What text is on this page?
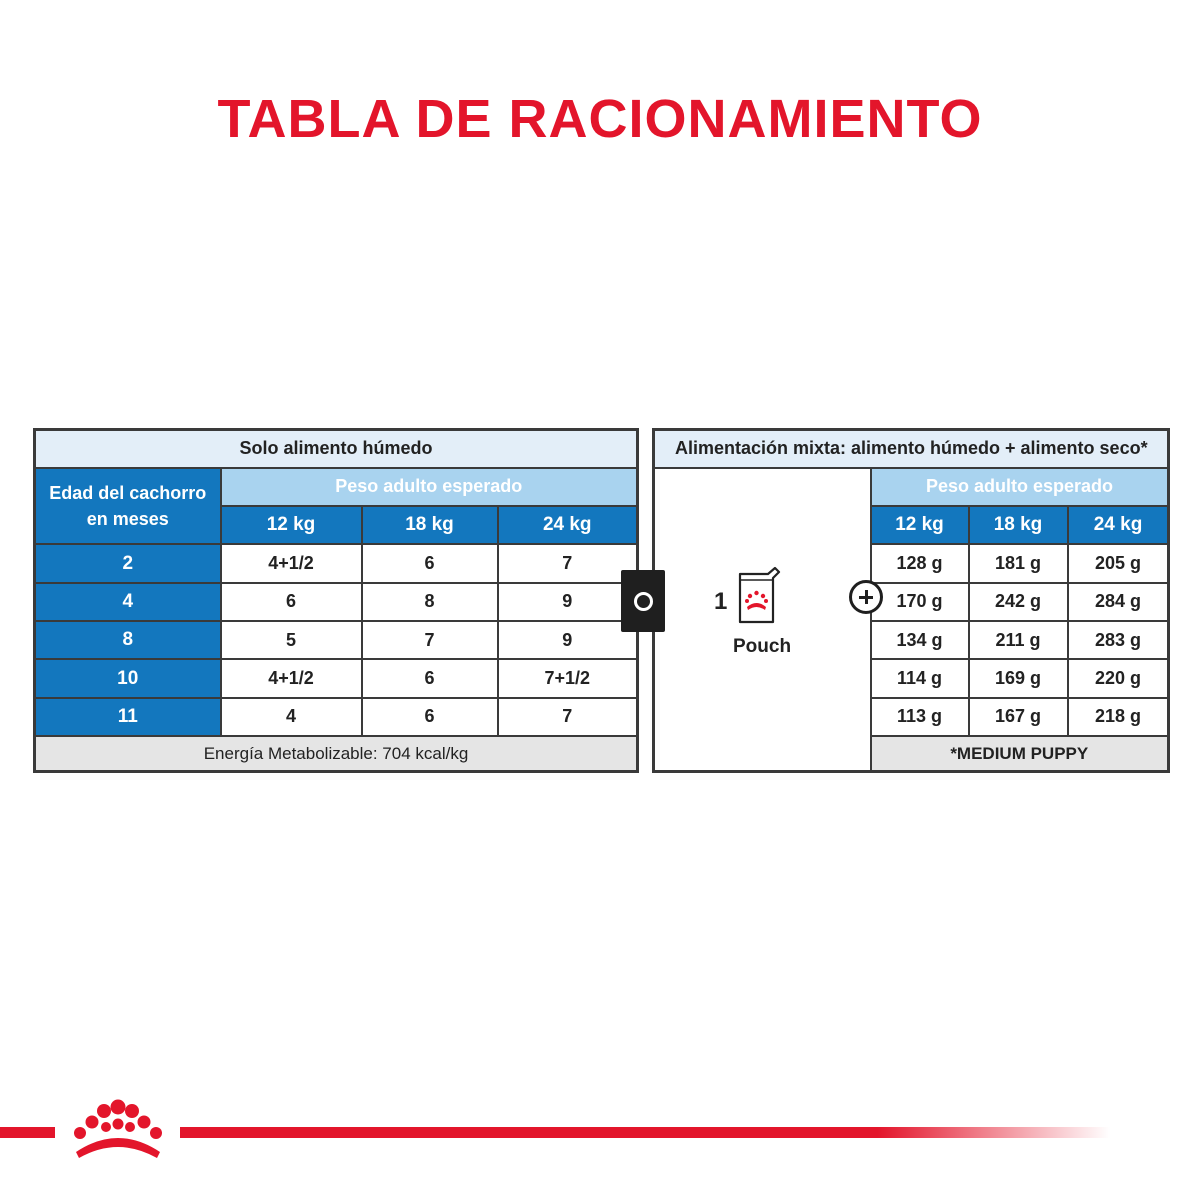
TABLA DE RACIONAMIENTO
Solo alimento húmedo			
Edad del cachorro
en meses	Peso adulto esperado		
	12 kg	18 kg	24 kg
2	4+1/2	6	7
4	6	8	9
8	5	7	9
10	4+1/2	6	7+1/2
11	4	6	7
Energía Metabolizable: 704 kcal/kg			
Alimentación mixta: alimento húmedo + alimento seco*			
	Peso adulto esperado		
	12 kg	18 kg	24 kg
	128 g	181 g	205 g
	170 g	242 g	284 g
	134 g	211 g	283 g
	114 g	169 g	220 g
	113 g	167 g	218 g
	*MEDIUM PUPPY		
1
Pouch
